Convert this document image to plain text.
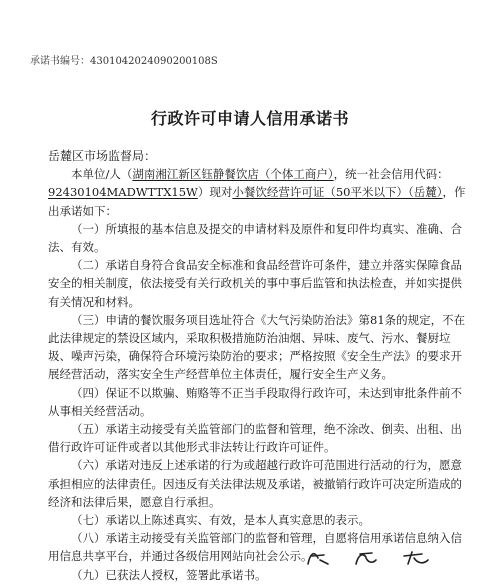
承诺书编号：4301042024090200108S
行政许可申请人信用承诺书

岳麓区市场监督局：

本单位/人（湖南湘江新区钰静餐饮店（个体工商户），统一社会信用代码：92430104MADWTTX15W）现对小餐饮经营许可证（50平米以下）（岳麓），作出承诺如下：

（一）所填报的基本信息及提交的申请材料及原件和复印件均真实、准确、合法、有效。

（二）承诺自身符合食品安全标准和食品经营许可条件，建立并落实保障食品安全的相关制度，依法接受有关行政机关的事中事后监管和执法检查，并如实提供有关情况和材料。

（三）申请的餐饮服务项目选址符合《大气污染防治法》第81条的规定，不在此法律规定的禁设区域内，采取积极措施防治油烟、异味、废气、污水、餐厨垃圾、噪声污染，确保符合环境污染防治的要求；严格按照《安全生产法》的要求开展经营活动，落实安全生产经营单位主体责任，履行安全生产义务。

（四）保证不以欺骗、贿赂等不正当手段取得行政许可，未达到审批条件前不从事相关经营活动。

（五）承诺主动接受有关监管部门的监督和管理，绝不涂改、倒卖、出租、出借行政许可证件或者以其他形式非法转让行政许可证件。

（六）承诺对违反上述承诺的行为或超越行政许可范围进行活动的行为，愿意承担相应的法律责任。因违反有关法律法规及承诺，被撤销行政许可决定所造成的经济和法律后果，愿意自行承担。

（七）承诺以上陈述真实、有效，是本人真实意思的表示。

（八）承诺主动接受有关监管部门的监督和管理，自愿将信用承诺信息纳入信用信息共享平台，并通过各级信用网站向社会公示。

（九）已获法人授权，签署此承诺书。
